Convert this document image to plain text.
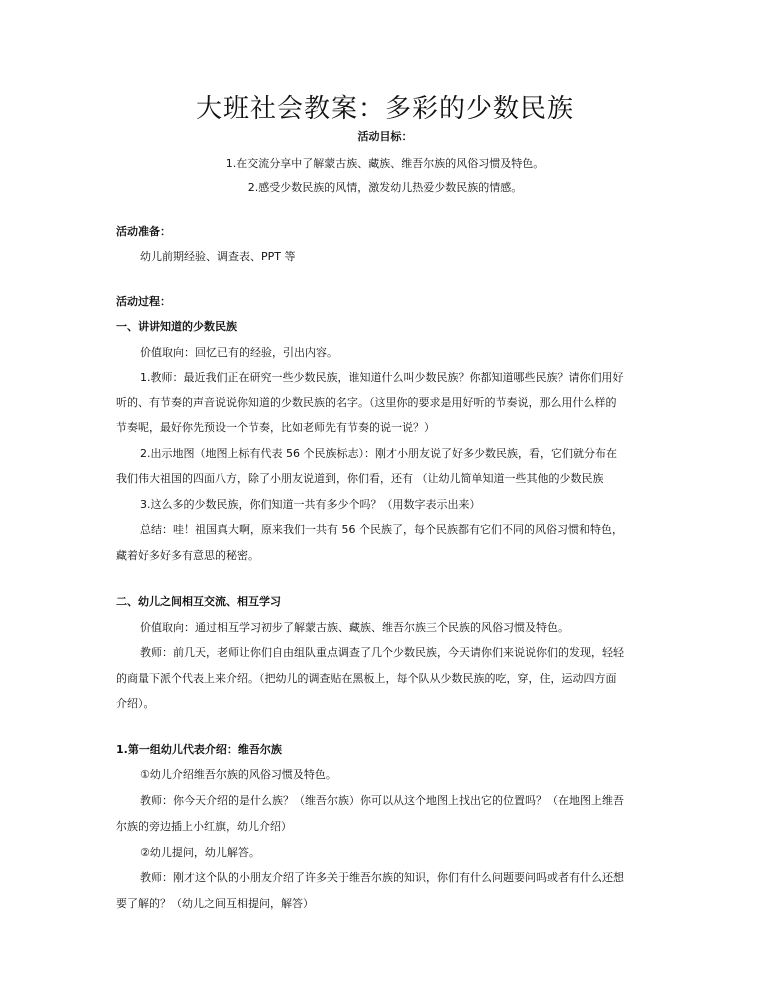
大班社会教案：多彩的少数民族
活动目标：
1.在交流分享中了解蒙古族、藏族、维吾尔族的风俗习惯及特色。
2.感受少数民族的风情，激发幼儿热爱少数民族的情感。
活动准备：
幼儿前期经验、调查表、PPT 等
活动过程：
一、讲讲知道的少数民族
价值取向：回忆已有的经验，引出内容。
1.教师：最近我们正在研究一些少数民族，谁知道什么叫少数民族？你都知道哪些民族？请你们用好
听的、有节奏的声音说说你知道的少数民族的名字。（这里你的要求是用好听的节奏说，那么用什么样的
节奏呢，最好你先预设一个节奏，比如老师先有节奏的说一说？）
2.出示地图（地图上标有代表 56 个民族标志）：刚才小朋友说了好多少数民族，看，它们就分布在
我们伟大祖国的四面八方，除了小朋友说道到，你们看，还有 （让幼儿简单知道一些其他的少数民族
3.这么多的少数民族，你们知道一共有多少个吗？（用数字表示出来）
总结：哇！祖国真大啊，原来我们一共有 56 个民族了，每个民族都有它们不同的风俗习惯和特色，
藏着好多好多有意思的秘密。
二、幼儿之间相互交流、相互学习
价值取向：通过相互学习初步了解蒙古族、藏族、维吾尔族三个民族的风俗习惯及特色。
教师：前几天，老师让你们自由组队重点调查了几个少数民族，今天请你们来说说你们的发现，轻轻
的商量下派个代表上来介绍。（把幼儿的调查贴在黑板上，每个队从少数民族的吃，穿，住，运动四方面
介绍）。
1.第一组幼儿代表介绍：维吾尔族
①幼儿介绍维吾尔族的风俗习惯及特色。
教师：你今天介绍的是什么族？（维吾尔族）你可以从这个地图上找出它的位置吗？（在地图上维吾
尔族的旁边插上小红旗，幼儿介绍）
②幼儿提问，幼儿解答。
教师：刚才这个队的小朋友介绍了许多关于维吾尔族的知识，你们有什么问题要问吗或者有什么还想
要了解的？（幼儿之间互相提问，解答）
